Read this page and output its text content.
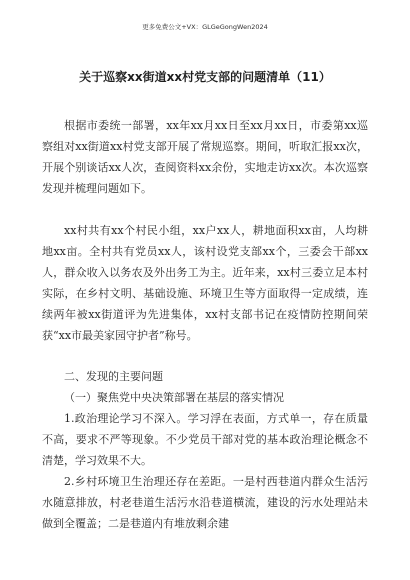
更多免费公文+VX：GLGeGongWen2024
关于巡察xx街道xx村党支部的问题清单（11）

根据市委统一部署，xx年xx月xx日至xx月xx日，市委第xx巡察组对xx街道xx村党支部开展了常规巡察。期间，听取汇报xx次，开展个别谈话xx人次，查阅资料xx余份，实地走访xx次。本次巡察发现并梳理问题如下。

xx村共有xx个村民小组，xx户xx人，耕地面积xx亩，人均耕地xx亩。全村共有党员xx人，该村设党支部xx个，三委会干部xx人，群众收入以务农及外出务工为主。近年来，xx村三委立足本村实际，在乡村文明、基础设施、环境卫生等方面取得一定成绩，连续两年被xx街道评为先进集体，xx村支部书记在疫情防控期间荣获“xx市最美家园守护者”称号。

二、发现的主要问题

（一）聚焦党中央决策部署在基层的落实情况

1.政治理论学习不深入。学习浮在表面，方式单一，存在质量不高，要求不严等现象。不少党员干部对党的基本政治理论概念不清楚，学习效果不大。

2.乡村环境卫生治理还存在差距。一是村西巷道内群众生活污水随意排放，村老巷道生活污水沿巷道横流，建设的污水处理站未做到全覆盖；二是巷道内有堆放剩余建
